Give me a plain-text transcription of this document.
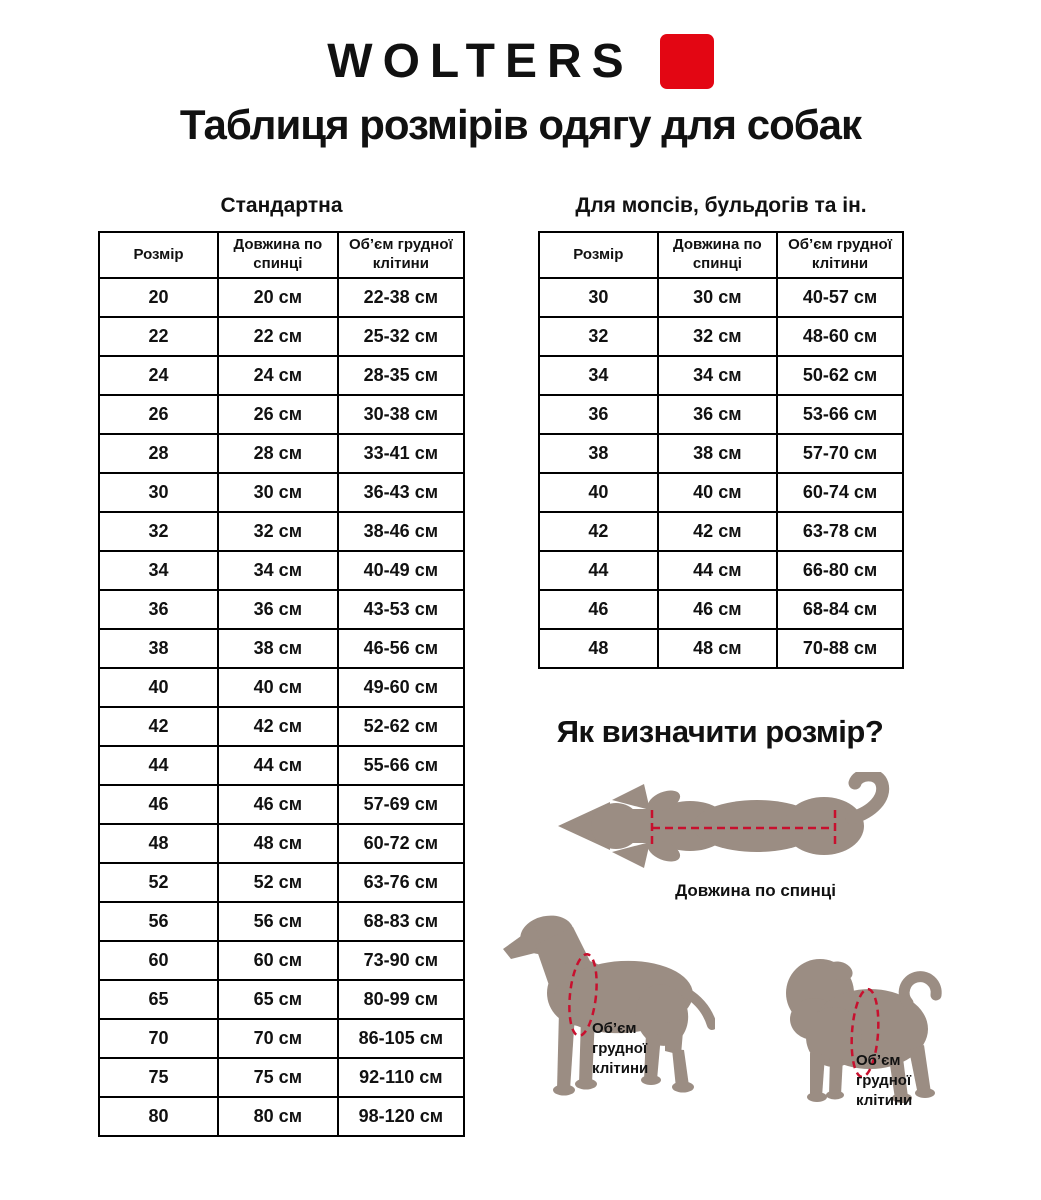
WOLTERS
Таблиця розмірів одягу для собак
Стандартна
Розмір	Довжина по спинці	Об’єм грудної клітини
20	20 см	22-38 см
22	22 см	25-32 см
24	24 см	28-35 см
26	26 см	30-38 см
28	28 см	33-41 см
30	30 см	36-43 см
32	32 см	38-46 см
34	34 см	40-49 см
36	36 см	43-53 см
38	38 см	46-56 см
40	40 см	49-60 см
42	42 см	52-62 см
44	44 см	55-66 см
46	46 см	57-69 см
48	48 см	60-72 см
52	52 см	63-76 см
56	56 см	68-83 см
60	60 см	73-90 см
65	65 см	80-99 см
70	70 см	86-105 см
75	75 см	92-110 см
80	80 см	98-120 см
Для мопсів, бульдогів та ін.
Розмір	Довжина по спинці	Об’єм грудної клітини
30	30 см	40-57 см
32	32 см	48-60 см
34	34 см	50-62 см
36	36 см	53-66 см
38	38 см	57-70 см
40	40 см	60-74 см
42	42 см	63-78 см
44	44 см	66-80 см
46	46 см	68-84 см
48	48 см	70-88 см
Як визначити розмір?
Довжина по спинці
Об’єм
грудної
клітини	Об’єм
грудної
клітини
